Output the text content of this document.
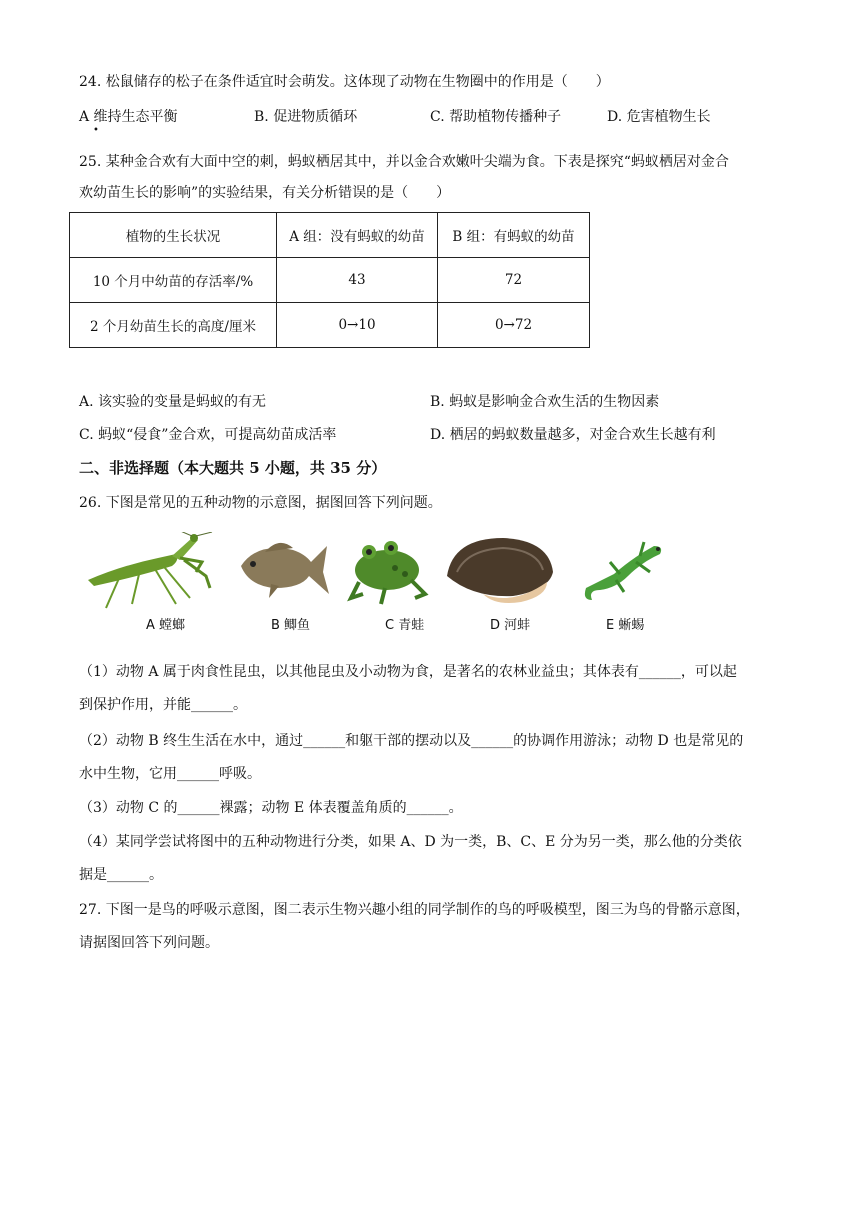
24. 松鼠储存的松子在条件适宜时会萌发。这体现了动物在生物圈中的作用是（　　）
A 维持生态平衡
•
B. 促进物质循环	C. 帮助植物传播种子	D. 危害植物生长
25. 某种金合欢有大面中空的刺，蚂蚁栖居其中，并以金合欢嫩叶尖端为食。下表是探究“蚂蚁栖居对金合
欢幼苗生长的影响”的实验结果，有关分析错误的是（　　）
植物的生长状况	A 组：没有蚂蚁的幼苗	B 组：有蚂蚁的幼苗
10 个月中幼苗的存活率/%	43	72
2 个月幼苗生长的高度/厘米	0→10	0→72
A. 该实验的变量是蚂蚁的有无	B. 蚂蚁是影响金合欢生活的生物因素
C. 蚂蚁“侵食”金合欢，可提高幼苗成活率	D. 栖居的蚂蚁数量越多，对金合欢生长越有利
二、非选择题（本大题共 5 小题，共 35 分）
26. 下图是常见的五种动物的示意图，据图回答下列问题。
A 螳螂	B 鲫鱼	C 青蛙	D 河蚌	E 蜥蜴
（1）动物 A 属于肉食性昆虫，以其他昆虫及小动物为食，是著名的农林业益虫；其体表有______，可以起
到保护作用，并能______。
（2）动物 B 终生生活在水中，通过______和躯干部的摆动以及______的协调作用游泳；动物 D 也是常见的
水中生物，它用______呼吸。
（3）动物 C 的______裸露；动物 E 体表覆盖角质的______。
（4）某同学尝试将图中的五种动物进行分类，如果 A、D 为一类，B、C、E 分为另一类，那么他的分类依
据是______。
27. 下图一是鸟的呼吸示意图，图二表示生物兴趣小组的同学制作的鸟的呼吸模型，图三为鸟的骨骼示意图，
请据图回答下列问题。
